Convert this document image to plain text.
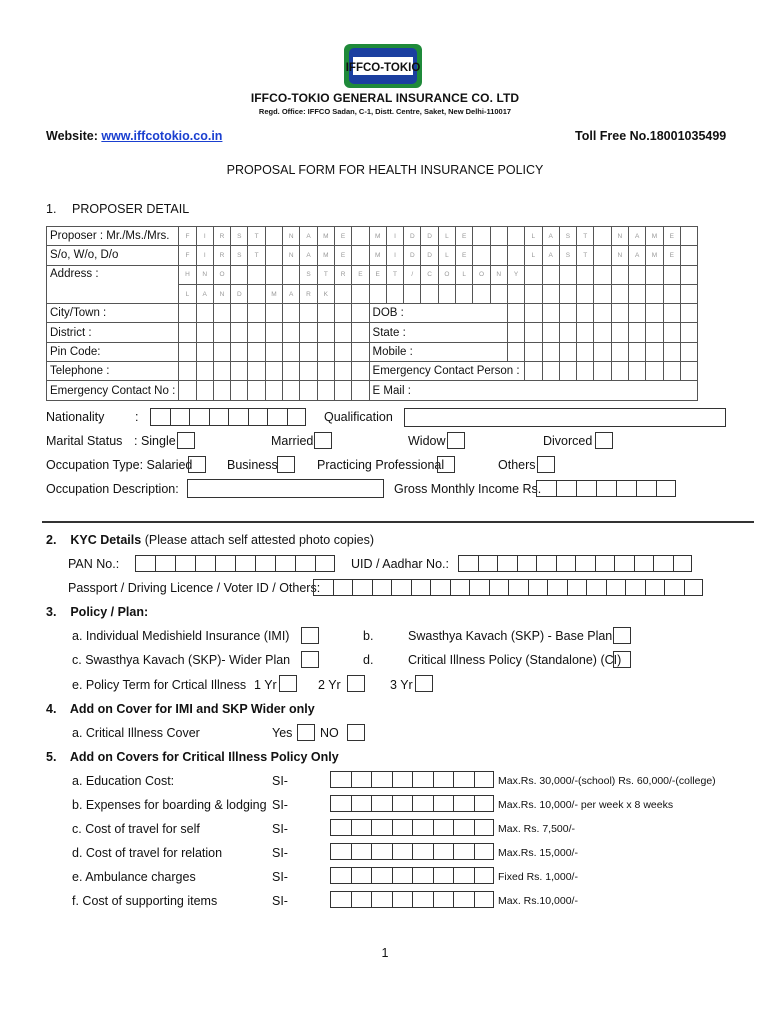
IFFCO-TOKIO
IFFCO-TOKIO GENERAL INSURANCE CO. LTD
Regd. Office: IFFCO Sadan, C-1, Distt. Centre, Saket, New Delhi-110017
Website: www.iffcotokio.co.in	Toll Free No.18001035499
PROPOSAL FORM FOR HEALTH INSURANCE POLICY
1. PROPOSER DETAIL
Proposer : Mr./Ms./Mrs.	F	I	R	S	T		N	A	M	E		M	I	D	D	L	E				L	A	S	T		N	A	M	E	
S/o, W/o, D/o	F	I	R	S	T		N	A	M	E		M	I	D	D	L	E				L	A	S	T		N	A	M	E	
Address :	H	N	O					S	T	R	E	E	T	/	C	O	L	O	N	Y										
	L	A	N	D		M	A	R	K																					
City/Town :												DOB :																		
District :												State :																		
Pin Code:												Mobile :																		
Telephone :												Emergency Contact Person :																		
Emergency Contact No :												E Mail :																		
Nationality :	Qualification
Marital Status : Single	Married	Widow	Divorced
Occupation Type: Salaried	Business	Practicing Professional	Others
Occupation Description:	Gross Monthly Income Rs.
2. KYC Details (Please attach self attested photo copies)
PAN No.:	UID / Aadhar No.:
Passport / Driving Licence / Voter ID / Others:
3. Policy / Plan:
a. Individual Medishield Insurance (IMI)	b.	Swasthya Kavach (SKP) - Base Plan
c. Swasthya Kavach (SKP)- Wider Plan	d.	Critical Illness Policy (Standalone) (CI)
e. Policy Term for Crtical Illness 1 Yr	2 Yr	3 Yr
4. Add on Cover for IMI and SKP Wider only
a. Critical Illness Cover	Yes NO
5. Add on Covers for Critical Illness Policy Only
a. Education Cost:	SI-	Max.Rs. 30,000/-(school) Rs. 60,000/-(college)
b. Expenses for boarding & lodging SI-	Max.Rs. 10,000/- per week x 8 weeks
c. Cost of travel for self	SI-	Max. Rs. 7,500/-
d. Cost of travel for relation	SI-	Max.Rs. 15,000/-
e. Ambulance charges	SI-	Fixed Rs. 1,000/-
f. Cost of supporting items	SI-	Max. Rs.10,000/-
1
